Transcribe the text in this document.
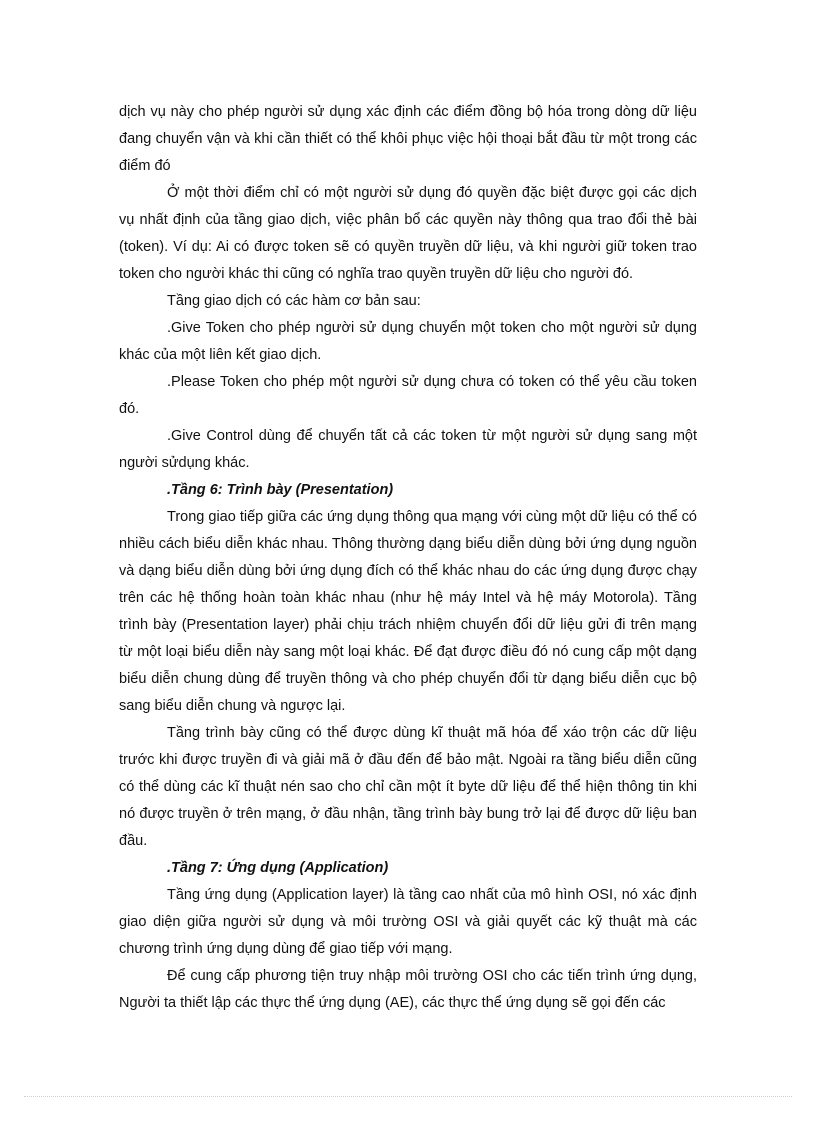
dịch vụ này cho phép người sử dụng xác định các điểm đồng bộ hóa trong dòng dữ liệu đang chuyển vận và khi cần thiết có thể khôi phục việc hội thoại bắt đầu từ một trong các điểm đó

Ở một thời điểm chỉ có một người sử dụng đó quyền đặc biệt được gọi các dịch vụ nhất định của tầng giao dịch, việc phân bổ các quyền này thông qua trao đổi thẻ bài (token). Ví dụ: Ai có được token sẽ có quyền truyền dữ liệu, và khi người giữ token trao token cho người khác thi cũng có nghĩa trao quyền truyền dữ liệu cho người đó.

Tầng giao dịch có các hàm cơ bản sau:

.Give Token cho phép người sử dụng chuyển một token cho một người sử dụng khác của một liên kết giao dịch.

.Please Token cho phép một người sử dụng chưa có token có thể yêu cầu token đó.

.Give Control dùng để chuyển tất cả các token từ một người sử dụng sang một người sửdụng khác.

.Tầng 6: Trình bày (Presentation)

Trong giao tiếp giữa các ứng dụng thông qua mạng với cùng một dữ liệu có thể có nhiều cách biểu diễn khác nhau. Thông thường dạng biểu diễn dùng bởi ứng dụng nguồn và dạng biểu diễn dùng bởi ứng dụng đích có thể khác nhau do các ứng dụng được chạy trên các hệ thống hoàn toàn khác nhau (như hệ máy Intel và hệ máy Motorola). Tầng trình bày (Presentation layer) phải chịu trách nhiệm chuyển đổi dữ liệu gửi đi trên mạng từ một loại biểu diễn này sang một loại khác. Để đạt được điều đó nó cung cấp một dạng biểu diễn chung dùng để truyền thông và cho phép chuyển đổi từ dạng biểu diễn cục bộ sang biểu diễn chung và ngược lại.

Tầng trình bày cũng có thể được dùng kĩ thuật mã hóa để xáo trộn các dữ liệu trước khi được truyền đi và giải mã ở đầu đến để bảo mật. Ngoài ra tầng biểu diễn cũng có thể dùng các kĩ thuật nén sao cho chỉ cần một ít byte dữ liệu để thể hiện thông tin khi nó được truyền ở trên mạng, ở đầu nhận, tầng trình bày bung trở lại để được dữ liệu ban đầu.

.Tầng 7: Ứng dụng (Application)

Tầng ứng dụng (Application layer) là tầng cao nhất của mô hình OSI, nó xác định giao diện giữa người sử dụng và môi trường OSI và giải quyết các kỹ thuật mà các chương trình ứng dụng dùng để giao tiếp với mạng.

Để cung cấp phương tiện truy nhập môi trường OSI cho các tiến trình ứng dụng, Người ta thiết lập các thực thể ứng dụng (AE), các thực thể ứng dụng sẽ gọi đến các
